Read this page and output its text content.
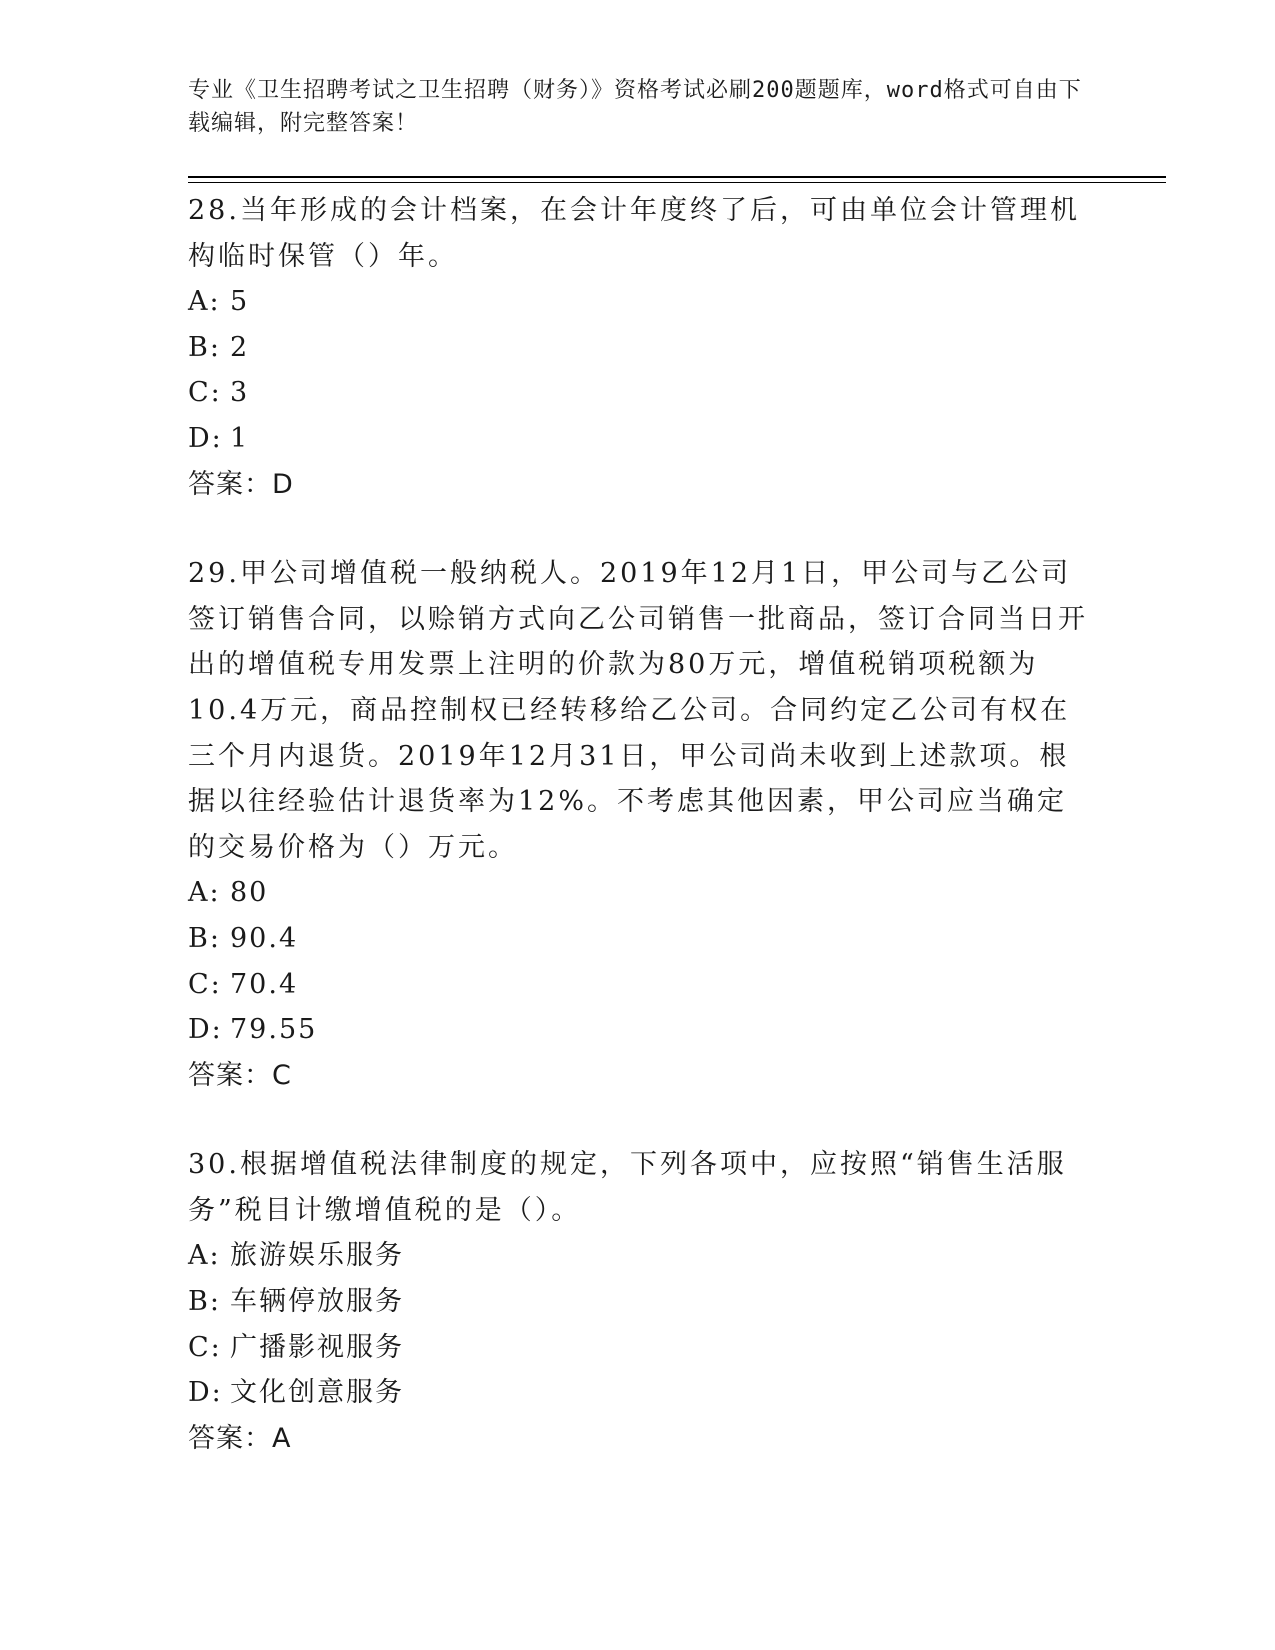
专业《卫生招聘考试之卫生招聘（财务）》资格考试必刷200题题库，word格式可自由下载编辑，附完整答案！
28.当年形成的会计档案，在会计年度终了后，可由单位会计管理机构临时保管（）年。
A: 5
B: 2
C: 3
D: 1
答案：D
29.甲公司增值税一般纳税人。2019年12月1日，甲公司与乙公司签订销售合同，以赊销方式向乙公司销售一批商品，签订合同当日开出的增值税专用发票上注明的价款为80万元，增值税销项税额为10.4万元，商品控制权已经转移给乙公司。合同约定乙公司有权在三个月内退货。2019年12月31日，甲公司尚未收到上述款项。根据以往经验估计退货率为12%。不考虑其他因素，甲公司应当确定的交易价格为（）万元。
A: 80
B: 90.4
C: 70.4
D: 79.55
答案：C
30.根据增值税法律制度的规定，下列各项中，应按照“销售生活服务”税目计缴增值税的是（）。
A: 旅游娱乐服务
B: 车辆停放服务
C: 广播影视服务
D: 文化创意服务
答案：A
